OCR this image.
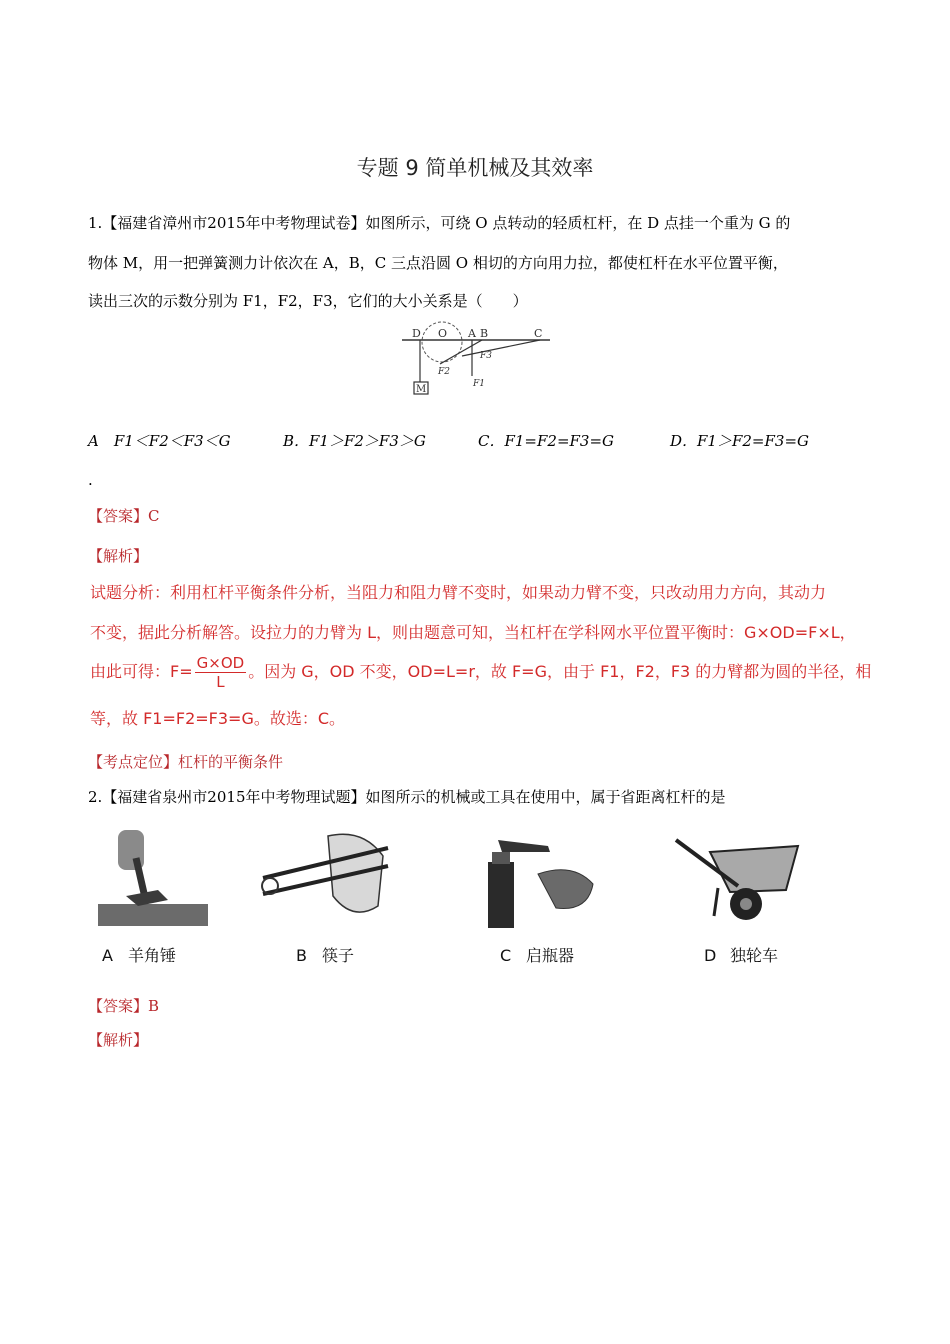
专题 9 简单机械及其效率
1.【福建省漳州市2015年中考物理试卷】如图所示，可绕 O 点转动的轻质杠杆，在 D 点挂一个重为 G 的
物体 M，用一把弹簧测力计依次在 A，B，C 三点沿圆 O 相切的方向用力拉，都使杠杆在水平位置平衡，
读出三次的示数分别为 F1，F2，F3，它们的大小关系是（　　）
D O A B	C
M	F1
F2
F3
A　F1＜F2＜F3＜G	B．F1＞F2＞F3＞G	C．F1=F2=F3=G	D．F1＞F2=F3=G
.
【答案】C
【解析】
试题分析：利用杠杆平衡条件分析，当阻力和阻力臂不变时，如果动力臂不变，只改动用力方向，其动力
不变，据此分析解答。设拉力的力臂为 L，则由题意可知，当杠杆在学科网水平位置平衡时：G×OD=F×L，
由此可得：$F= \frac{G\times OD}{L}$ 。因为 G，OD 不变，OD=L=r，故 F=G，由于 F1，F2，F3 的力臂都为圆的半径，相
等，故 F1=F2=F3=G。故选：C。
【考点定位】杠杆的平衡条件
2.【福建省泉州市2015年中考物理试题】如图所示的机械或工具在使用中，属于省距离杠杆的是
A 羊角锤	B 筷子	C 启瓶器	D 独轮车
【答案】B
【解析】
